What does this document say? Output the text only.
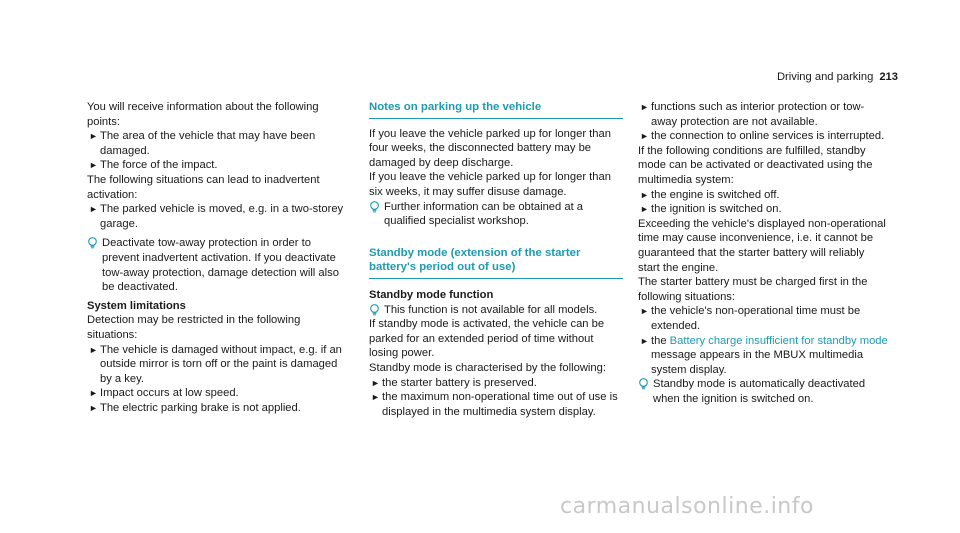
Driving and parking 213

You will receive information about the following points:

► The area of the vehicle that may have been damaged.
► The force of the impact.

The following situations can lead to inadvertent activation:

► The parked vehicle is moved, e.g. in a two-storey garage.
Deactivate tow-away protection in order to prevent inadvertent activation. If you deactivate tow-away protection, damage detection will also be deactivated.
System limitations

Detection may be restricted in the following situations:

► The vehicle is damaged without impact, e.g. if an outside mirror is torn off or the paint is damaged by a key.
► Impact occurs at low speed.
► The electric parking brake is not applied.
Notes on parking up the vehicle

If you leave the vehicle parked up for longer than four weeks, the disconnected battery may be damaged by deep discharge.

If you leave the vehicle parked up for longer than six weeks, it may suffer disuse damage.

Further information can be obtained at a qualified specialist workshop.
Standby mode (extension of the starter battery's period out of use)

Standby mode function

This function is not available for all models.

If standby mode is activated, the vehicle can be parked for an extended period of time without losing power.

Standby mode is characterised by the following:

► the starter battery is preserved.
► the maximum non-operational time out of use is displayed in the multimedia system display.
► functions such as interior protection or tow-away protection are not available.
► the connection to online services is interrupted.

If the following conditions are fulfilled, standby mode can be activated or deactivated using the multimedia system:

► the engine is switched off.
► the ignition is switched on.

Exceeding the vehicle's displayed non-operational time may cause inconvenience, i.e. it cannot be guaranteed that the starter battery will reliably start the engine.

The starter battery must be charged first in the following situations:

► the vehicle's non-operational time must be extended.
► the Battery charge insufficient for standby mode message appears in the MBUX multimedia system display.
Standby mode is automatically deactivated when the ignition is switched on.
carmanualsonline.info
